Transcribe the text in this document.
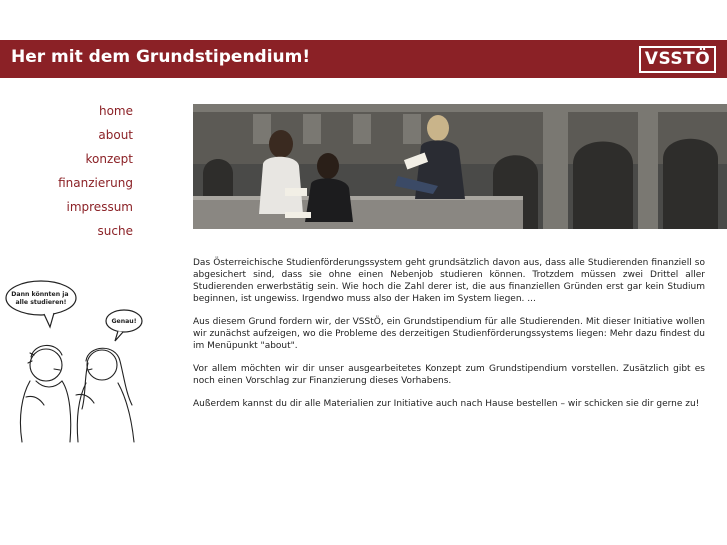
Her mit dem Grundstipendium!	VSSTÖ
home
about
konzept
finanzierung
impressum
suche
Dann könnten ja alle studieren!
Genau!

Das Österreichische Studienförderungssystem geht grundsätzlich davon aus, dass alle Studierenden finanziell so abgesichert sind, dass sie ohne einen Nebenjob studieren können. Trotzdem müssen zwei Drittel aller Studierenden erwerbstätig sein. Wie hoch die Zahl derer ist, die aus finanziellen Gründen erst gar kein Studium beginnen, ist ungewiss. Irgendwo muss also der Haken im System liegen. ...

Aus diesem Grund fordern wir, der VSStÖ, ein Grundstipendium für alle Studierenden. Mit dieser Initiative wollen wir zunächst aufzeigen, wo die Probleme des derzeitigen Studienförderungssystems liegen: Mehr dazu findest du im Menüpunkt "about".

Vor allem möchten wir dir unser ausgearbeitetes Konzept zum Grundstipendium vorstellen. Zusätzlich gibt es noch einen Vorschlag zur Finanzierung dieses Vorhabens.

Außerdem kannst du dir alle Materialien zur Initiative auch nach Hause bestellen – wir schicken sie dir gerne zu!
